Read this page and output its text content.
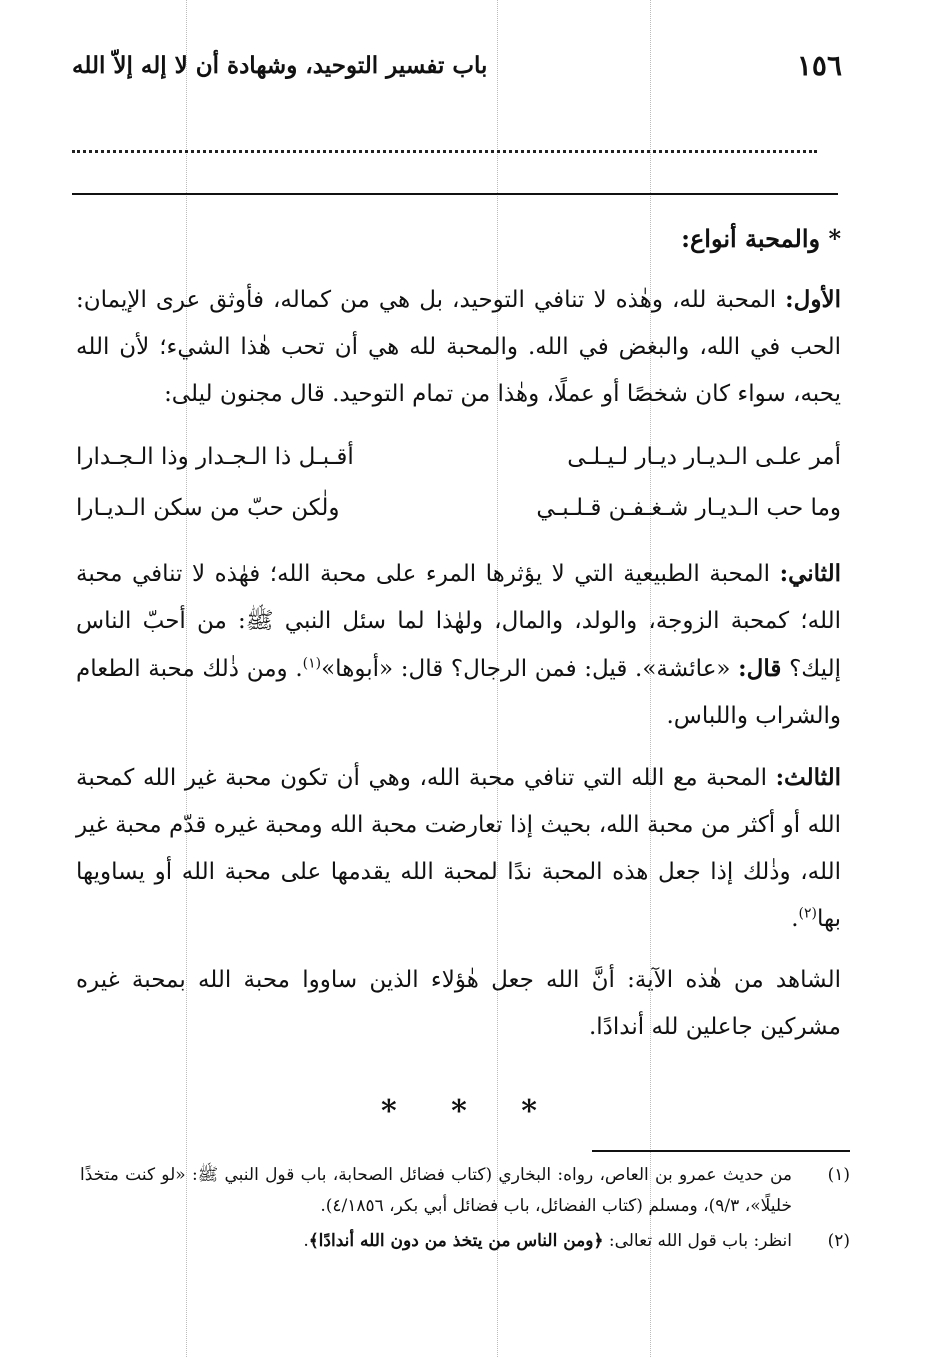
١٥٦
باب تفسير التوحيد، وشهادة أن لا إله إلاّ الله

* والمحبة أنواع:

الأول: المحبة لله، وهٰذه لا تنافي التوحيد، بل هي من كماله، فأوثق عرى الإيمان: الحب في الله، والبغض في الله. والمحبة لله هي أن تحب هٰذا الشيء؛ لأن الله يحبه، سواء كان شخصًا أو عملًا، وهٰذا من تمام التوحيد. قال مجنون ليلى:

أمر علـى الـديـار ديـار لـيـلـى
أقـبـل ذا الـجـدار وذا الـجـدارا
وما حب الـديـار شـغـفـن قـلـبـي
ولٰكن حبّ من سكن الـديـارا

الثاني: المحبة الطبيعية التي لا يؤثرها المرء على محبة الله؛ فهٰذه لا تنافي محبة الله؛ كمحبة الزوجة، والولد، والمال، ولهٰذا لما سئل النبي ﷺ: من أحبّ الناس إليك؟ قال: «عائشة». قيل: فمن الرجال؟ قال: «أبوها»$^{(١)}$. ومن ذٰلك محبة الطعام والشراب واللباس.

الثالث: المحبة مع الله التي تنافي محبة الله، وهي أن تكون محبة غير الله كمحبة الله أو أكثر من محبة الله، بحيث إذا تعارضت محبة الله ومحبة غيره قدّم محبة غير الله، وذٰلك إذا جعل هذه المحبة ندًا لمحبة الله يقدمها على محبة الله أو يساويها بها$^{(٢)}$.

الشاهد من هٰذه الآية: أنَّ الله جعل هٰؤلاء الذين ساووا محبة الله بمحبة غيره مشركين جاعلين لله أندادًا.

* * *
(١)
من حديث عمرو بن العاص، رواه: البخاري (كتاب فضائل الصحابة، باب قول النبي ﷺ: «لو كنت متخذًا خليلًا»، ٩/٣)، ومسلم (كتاب الفضائل، باب فضائل أبي بكر، ٤/١٨٥٦).
(٢)
انظر: باب قول الله تعالى: ﴿ومن الناس من يتخذ من دون الله أندادًا﴾.
